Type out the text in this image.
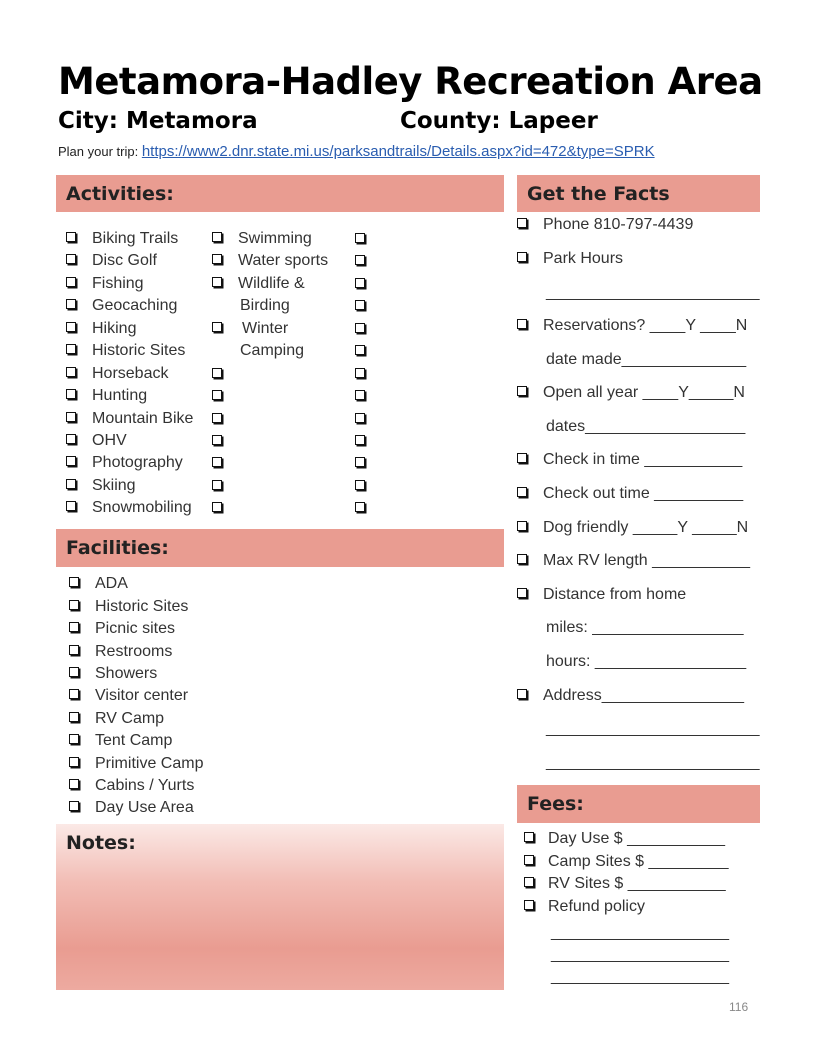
Metamora-Hadley Recreation Area
City: Metamora	County: Lapeer
Plan your trip: https://www2.dnr.state.mi.us/parksandtrails/Details.aspx?id=472&type=SPRK
Activities:	Get the Facts
Facilities:
Fees:
Notes:
Biking Trails
Disc Golf
Fishing
Geocaching
Hiking
Historic Sites
Horseback
Hunting
Mountain Bike
OHV
Photography
Skiing
Snowmobiling
Swimming
Water sports
Wildlife &
Birding
Winter
Camping
ADA
Historic Sites
Picnic sites
Restrooms
Showers
Visitor center
RV Camp
Tent Camp
Primitive Camp
Cabins / Yurts
Day Use Area
Phone 810-797-4439
Park Hours
________________________
Reservations? ____Y ____N
date made______________
Open all year ____Y_____N
dates__________________
Check in time ___________
Check out time __________
Dog friendly _____Y _____N
Max RV length ___________
Distance from home
miles: _________________
hours: _________________
Address________________
________________________
________________________
Day Use $ ___________
Camp Sites $ _________
RV Sites $ ___________
Refund policy
____________________
____________________
____________________
116
